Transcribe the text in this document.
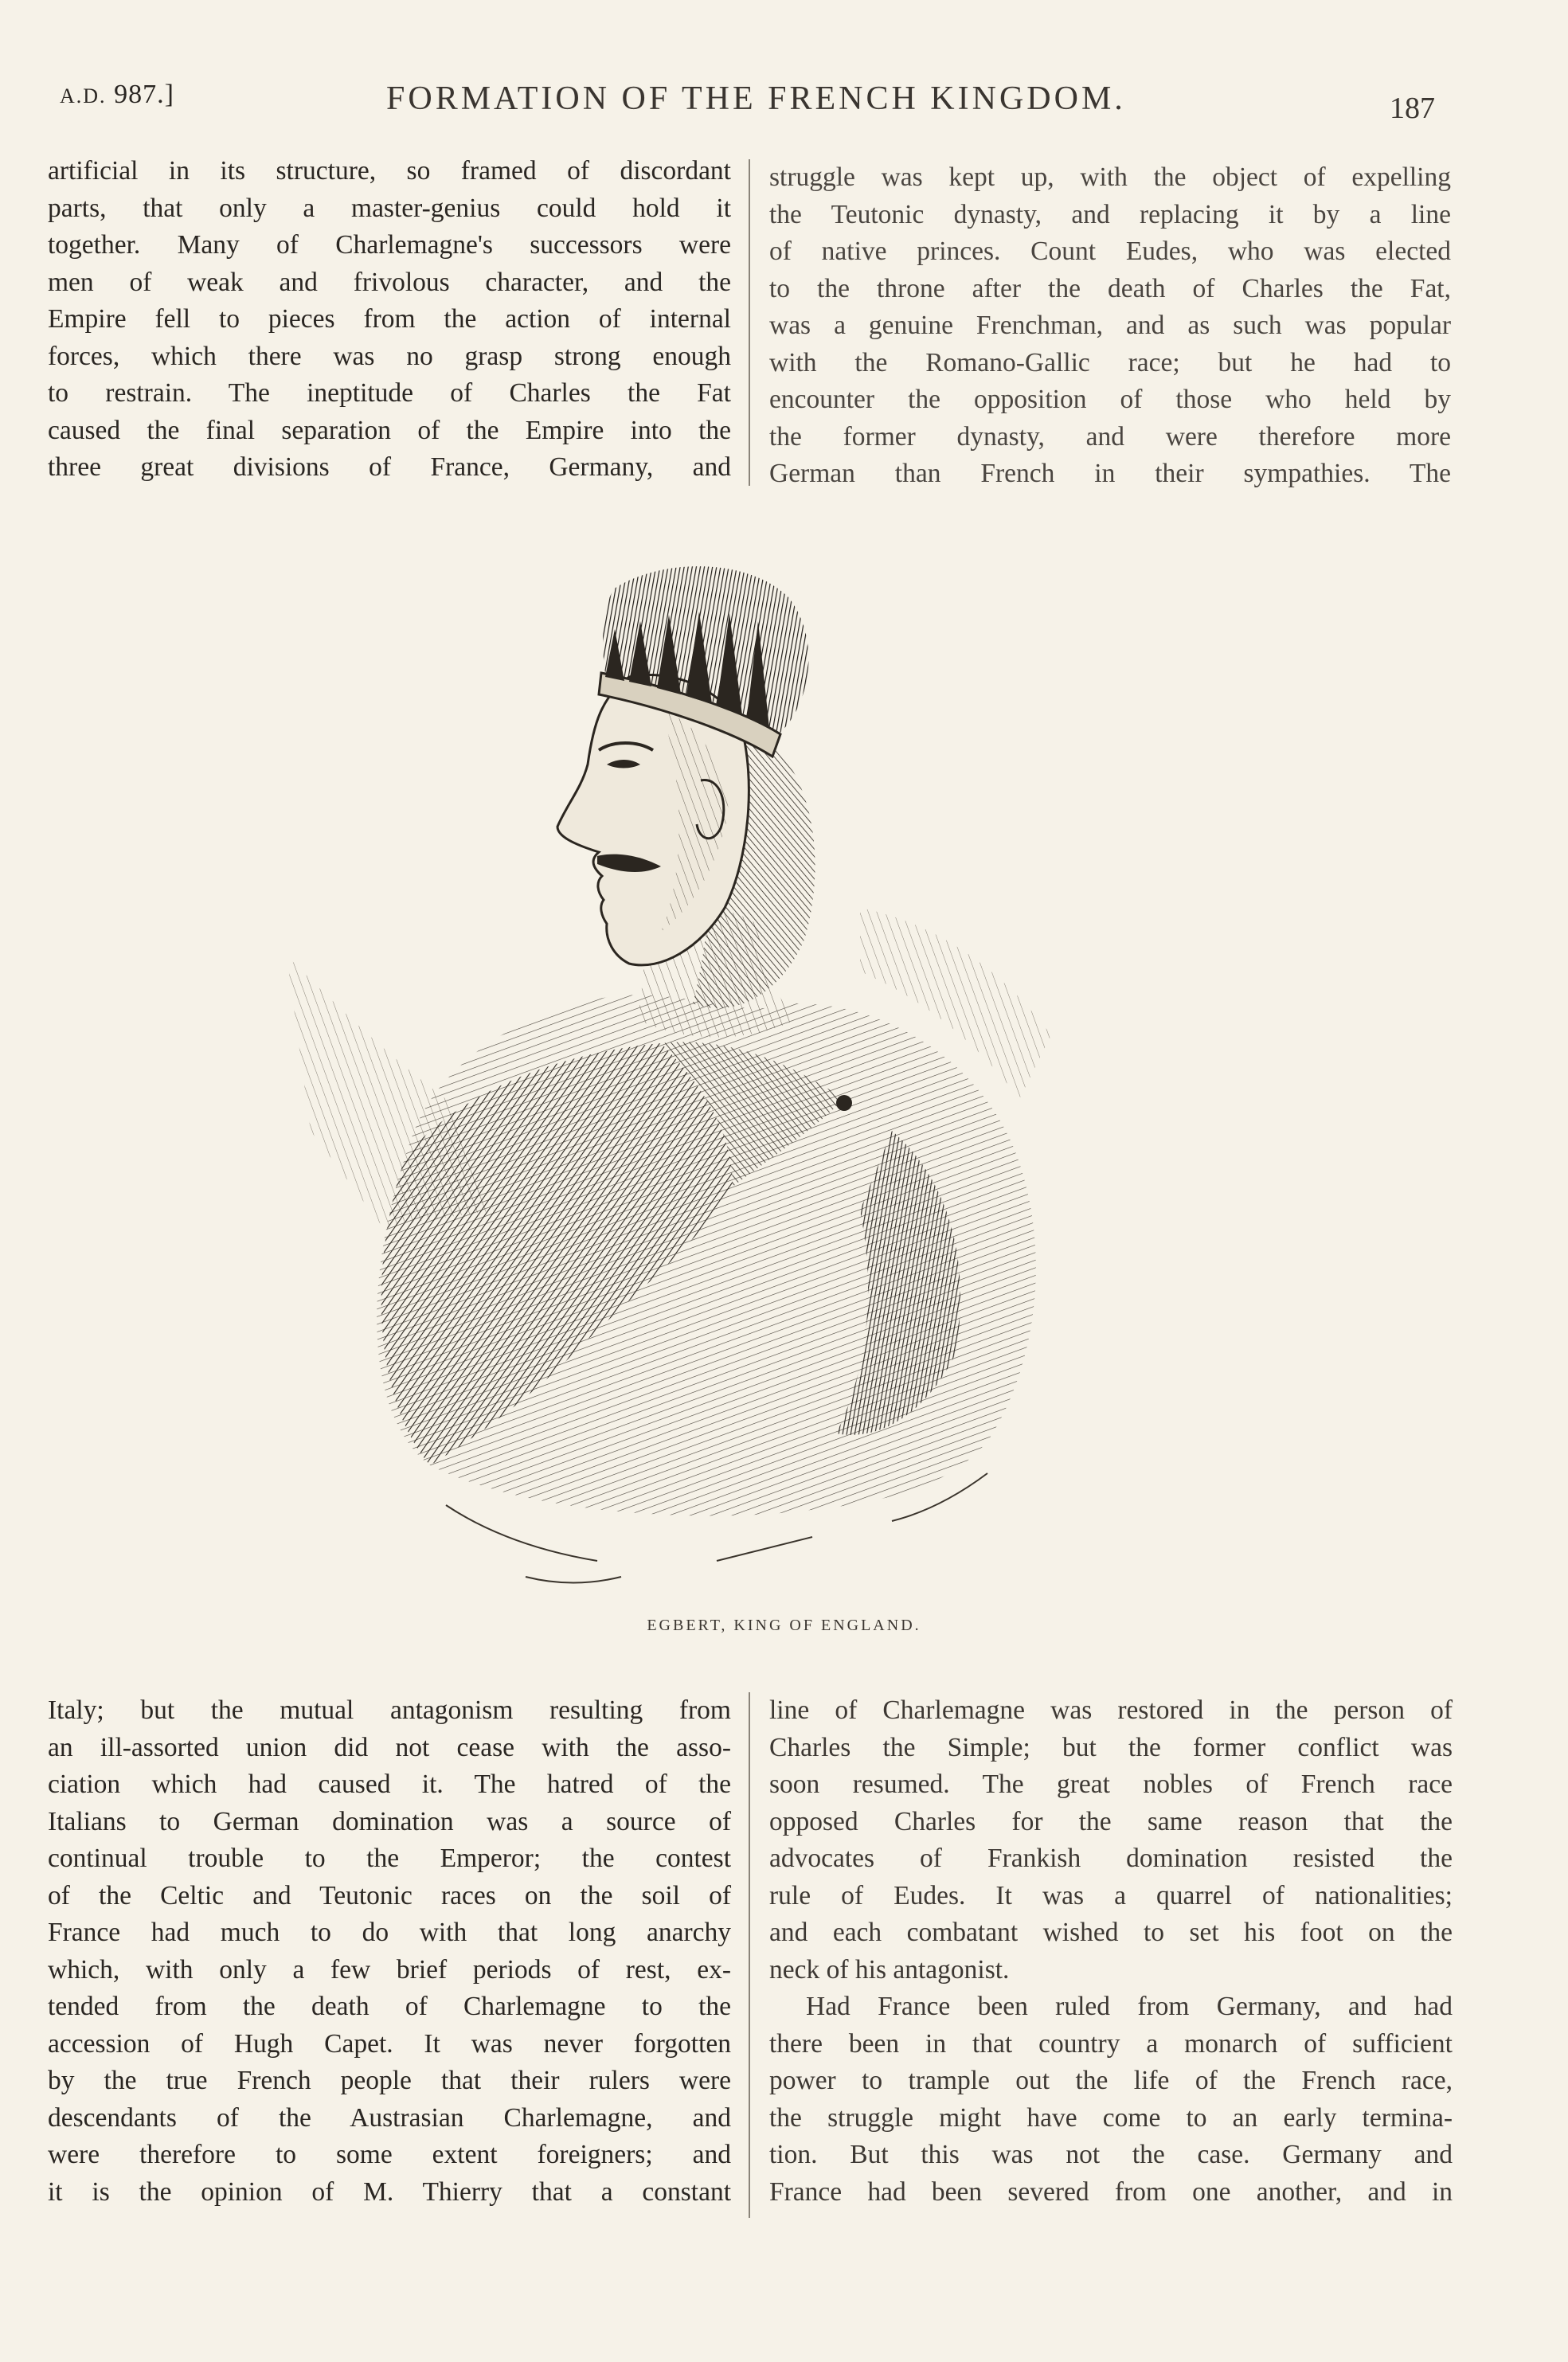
A.D. 987.]	FORMATION OF THE FRENCH KINGDOM.	187

artificial in its structure, so framed of discordant
parts, that only a master-genius could hold it
together. Many of Charlemagne's successors were
men of weak and frivolous character, and the
Empire fell to pieces from the action of internal
forces, which there was no grasp strong enough
to restrain. The ineptitude of Charles the Fat
caused the final separation of the Empire into the
three great divisions of France, Germany, and

struggle was kept up, with the object of expelling
the Teutonic dynasty, and replacing it by a line
of native princes. Count Eudes, who was elected
to the throne after the death of Charles the Fat,
was a genuine Frenchman, and as such was popular
with the Romano-Gallic race; but he had to
encounter the opposition of those who held by
the former dynasty, and were therefore more
German than French in their sympathies. The

EGBERT, KING OF ENGLAND.

Italy; but the mutual antagonism resulting from
an ill-assorted union did not cease with the asso-
ciation which had caused it. The hatred of the
Italians to German domination was a source of
continual trouble to the Emperor; the contest
of the Celtic and Teutonic races on the soil of
France had much to do with that long anarchy
which, with only a few brief periods of rest, ex-
tended from the death of Charlemagne to the
accession of Hugh Capet. It was never forgotten
by the true French people that their rulers were
descendants of the Austrasian Charlemagne, and
were therefore to some extent foreigners; and
it is the opinion of M. Thierry that a constant

line of Charlemagne was restored in the person of
Charles the Simple; but the former conflict was
soon resumed. The great nobles of French race
opposed Charles for the same reason that the
advocates of Frankish domination resisted the
rule of Eudes. It was a quarrel of nationalities;
and each combatant wished to set his foot on the
neck of his antagonist.

Had France been ruled from Germany, and had
there been in that country a monarch of sufficient
power to trample out the life of the French race,
the struggle might have come to an early termina-
tion. But this was not the case. Germany and
France had been severed from one another, and in
